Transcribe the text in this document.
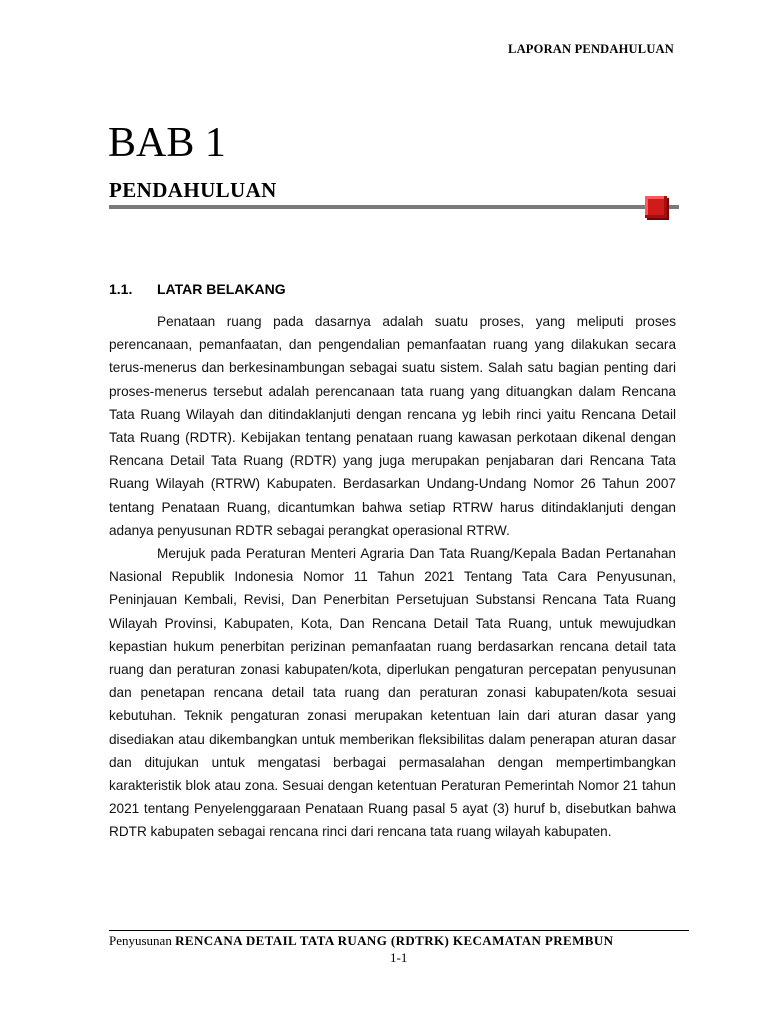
LAPORAN PENDAHULUAN
BAB 1
PENDAHULUAN
1.1. LATAR BELAKANG

Penataan ruang pada dasarnya adalah suatu proses, yang meliputi proses perencanaan, pemanfaatan, dan pengendalian pemanfaatan ruang yang dilakukan secara terus-menerus dan berkesinambungan sebagai suatu sistem. Salah satu bagian penting dari proses-menerus tersebut adalah perencanaan tata ruang yang dituangkan dalam Rencana Tata Ruang Wilayah dan ditindaklanjuti dengan rencana yg lebih rinci yaitu Rencana Detail Tata Ruang (RDTR). Kebijakan tentang penataan ruang kawasan perkotaan dikenal dengan Rencana Detail Tata Ruang (RDTR) yang juga merupakan penjabaran dari Rencana Tata Ruang Wilayah (RTRW) Kabupaten. Berdasarkan Undang-Undang Nomor 26 Tahun 2007 tentang Penataan Ruang, dicantumkan bahwa setiap RTRW harus ditindaklanjuti dengan adanya penyusunan RDTR sebagai perangkat operasional RTRW.

Merujuk pada Peraturan Menteri Agraria Dan Tata Ruang/Kepala Badan Pertanahan Nasional Republik Indonesia Nomor 11 Tahun 2021 Tentang Tata Cara Penyusunan, Peninjauan Kembali, Revisi, Dan Penerbitan Persetujuan Substansi Rencana Tata Ruang Wilayah Provinsi, Kabupaten, Kota, Dan Rencana Detail Tata Ruang, untuk mewujudkan kepastian hukum penerbitan perizinan pemanfaatan ruang berdasarkan rencana detail tata ruang dan peraturan zonasi kabupaten/kota, diperlukan pengaturan percepatan penyusunan dan penetapan rencana detail tata ruang dan peraturan zonasi kabupaten/kota sesuai kebutuhan. Teknik pengaturan zonasi merupakan ketentuan lain dari aturan dasar yang disediakan atau dikembangkan untuk memberikan fleksibilitas dalam penerapan aturan dasar dan ditujukan untuk mengatasi berbagai permasalahan dengan mempertimbangkan karakteristik blok atau zona. Sesuai dengan ketentuan Peraturan Pemerintah Nomor 21 tahun 2021 tentang Penyelenggaraan Penataan Ruang pasal 5 ayat (3) huruf b, disebutkan bahwa RDTR kabupaten sebagai rencana rinci dari rencana tata ruang wilayah kabupaten.

Penyusunan RENCANA DETAIL TATA RUANG (RDTRK) KECAMATAN PREMBUN
1-1
